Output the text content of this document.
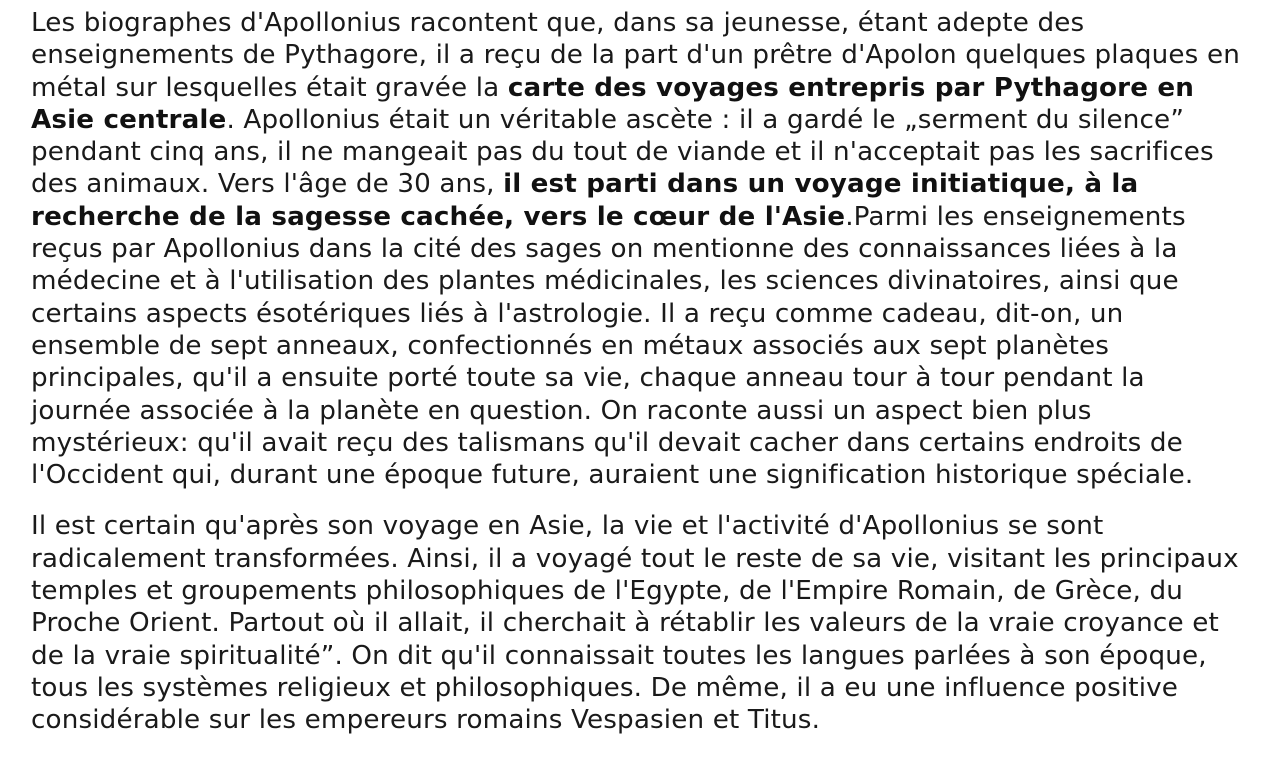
Les biographes d'Apollonius racontent que, dans sa jeunesse, étant adepte des enseignements de Pythagore, il a reçu de la part d'un prêtre d'Apolon quelques plaques en métal sur lesquelles était gravée la carte des voyages entrepris par Pythagore en Asie centrale. Apollonius était un véritable ascète : il a gardé le „serment du silence” pendant cinq ans, il ne mangeait pas du tout de viande et il n'acceptait pas les sacrifices des animaux. Vers l'âge de 30 ans, il est parti dans un voyage initiatique, à la recherche de la sagesse cachée, vers le cœur de l'Asie.Parmi les enseignements reçus par Apollonius dans la cité des sages on mentionne des connaissances liées à la médecine et à l'utilisation des plantes médicinales, les sciences divinatoires, ainsi que certains aspects ésotériques liés à l'astrologie. Il a reçu comme cadeau, dit-on, un ensemble de sept anneaux, confectionnés en métaux associés aux sept planètes principales, qu'il a ensuite porté toute sa vie, chaque anneau tour à tour pendant la journée associée à la planète en question. On raconte aussi un aspect bien plus mystérieux: qu'il avait reçu des talismans qu'il devait cacher dans certains endroits de l'Occident qui, durant une époque future, auraient une signification historique spéciale.

Il est certain qu'après son voyage en Asie, la vie et l'activité d'Apollonius se sont radicalement transformées. Ainsi, il a voyagé tout le reste de sa vie, visitant les principaux temples et groupements philosophiques de l'Egypte, de l'Empire Romain, de Grèce, du Proche Orient. Partout où il allait, il cherchait à rétablir les valeurs de la vraie croyance et de la vraie spiritualité”. On dit qu'il connaissait toutes les langues parlées à son époque, tous les systèmes religieux et philosophiques. De même, il a eu une influence positive considérable sur les empereurs romains Vespasien et Titus.
